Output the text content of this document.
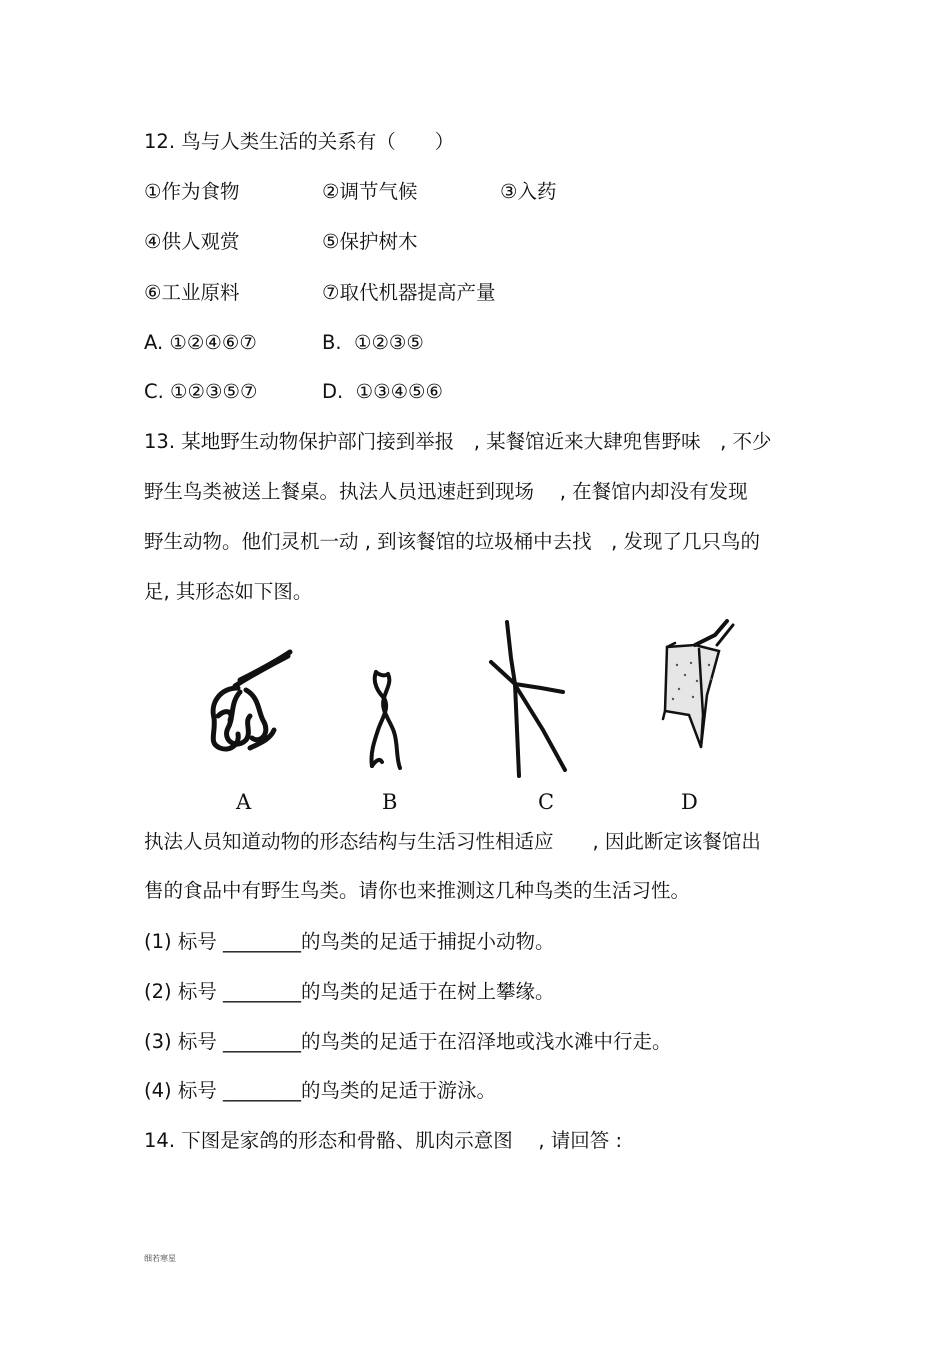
12. 鸟与人类生活的关系有（　　）
①作为食物	②调节气候	③入药
④供人观赏	⑤保护树木
⑥工业原料	⑦取代机器提高产量
A. ①②④⑥⑦	B.  ①②③⑤
C. ①②③⑤⑦	D.  ①③④⑤⑥
13. 某地野生动物保护部门接到举报　, 某餐馆近来大肆兜售野味　, 不少
野生鸟类被送上餐桌。执法人员迅速赶到现场　 , 在餐馆内却没有发现
野生动物。他们灵机一动 , 到该餐馆的垃圾桶中去找　, 发现了几只鸟的
足, 其形态如下图。
A	B	C	D
执法人员知道动物的形态结构与生活习性相适应　　, 因此断定该餐馆出
售的食品中有野生鸟类。请你也来推测这几种鸟类的生活习性。
(1) 标号 ________的鸟类的足适于捕捉小动物。
(2) 标号 ________的鸟类的足适于在树上攀缘。
(3) 标号 ________的鸟类的足适于在沼泽地或浅水滩中行走。
(4) 标号 ________的鸟类的足适于游泳。
14. 下图是家鸽的形态和骨骼、肌肉示意图　 , 请回答 :
细若寒星
